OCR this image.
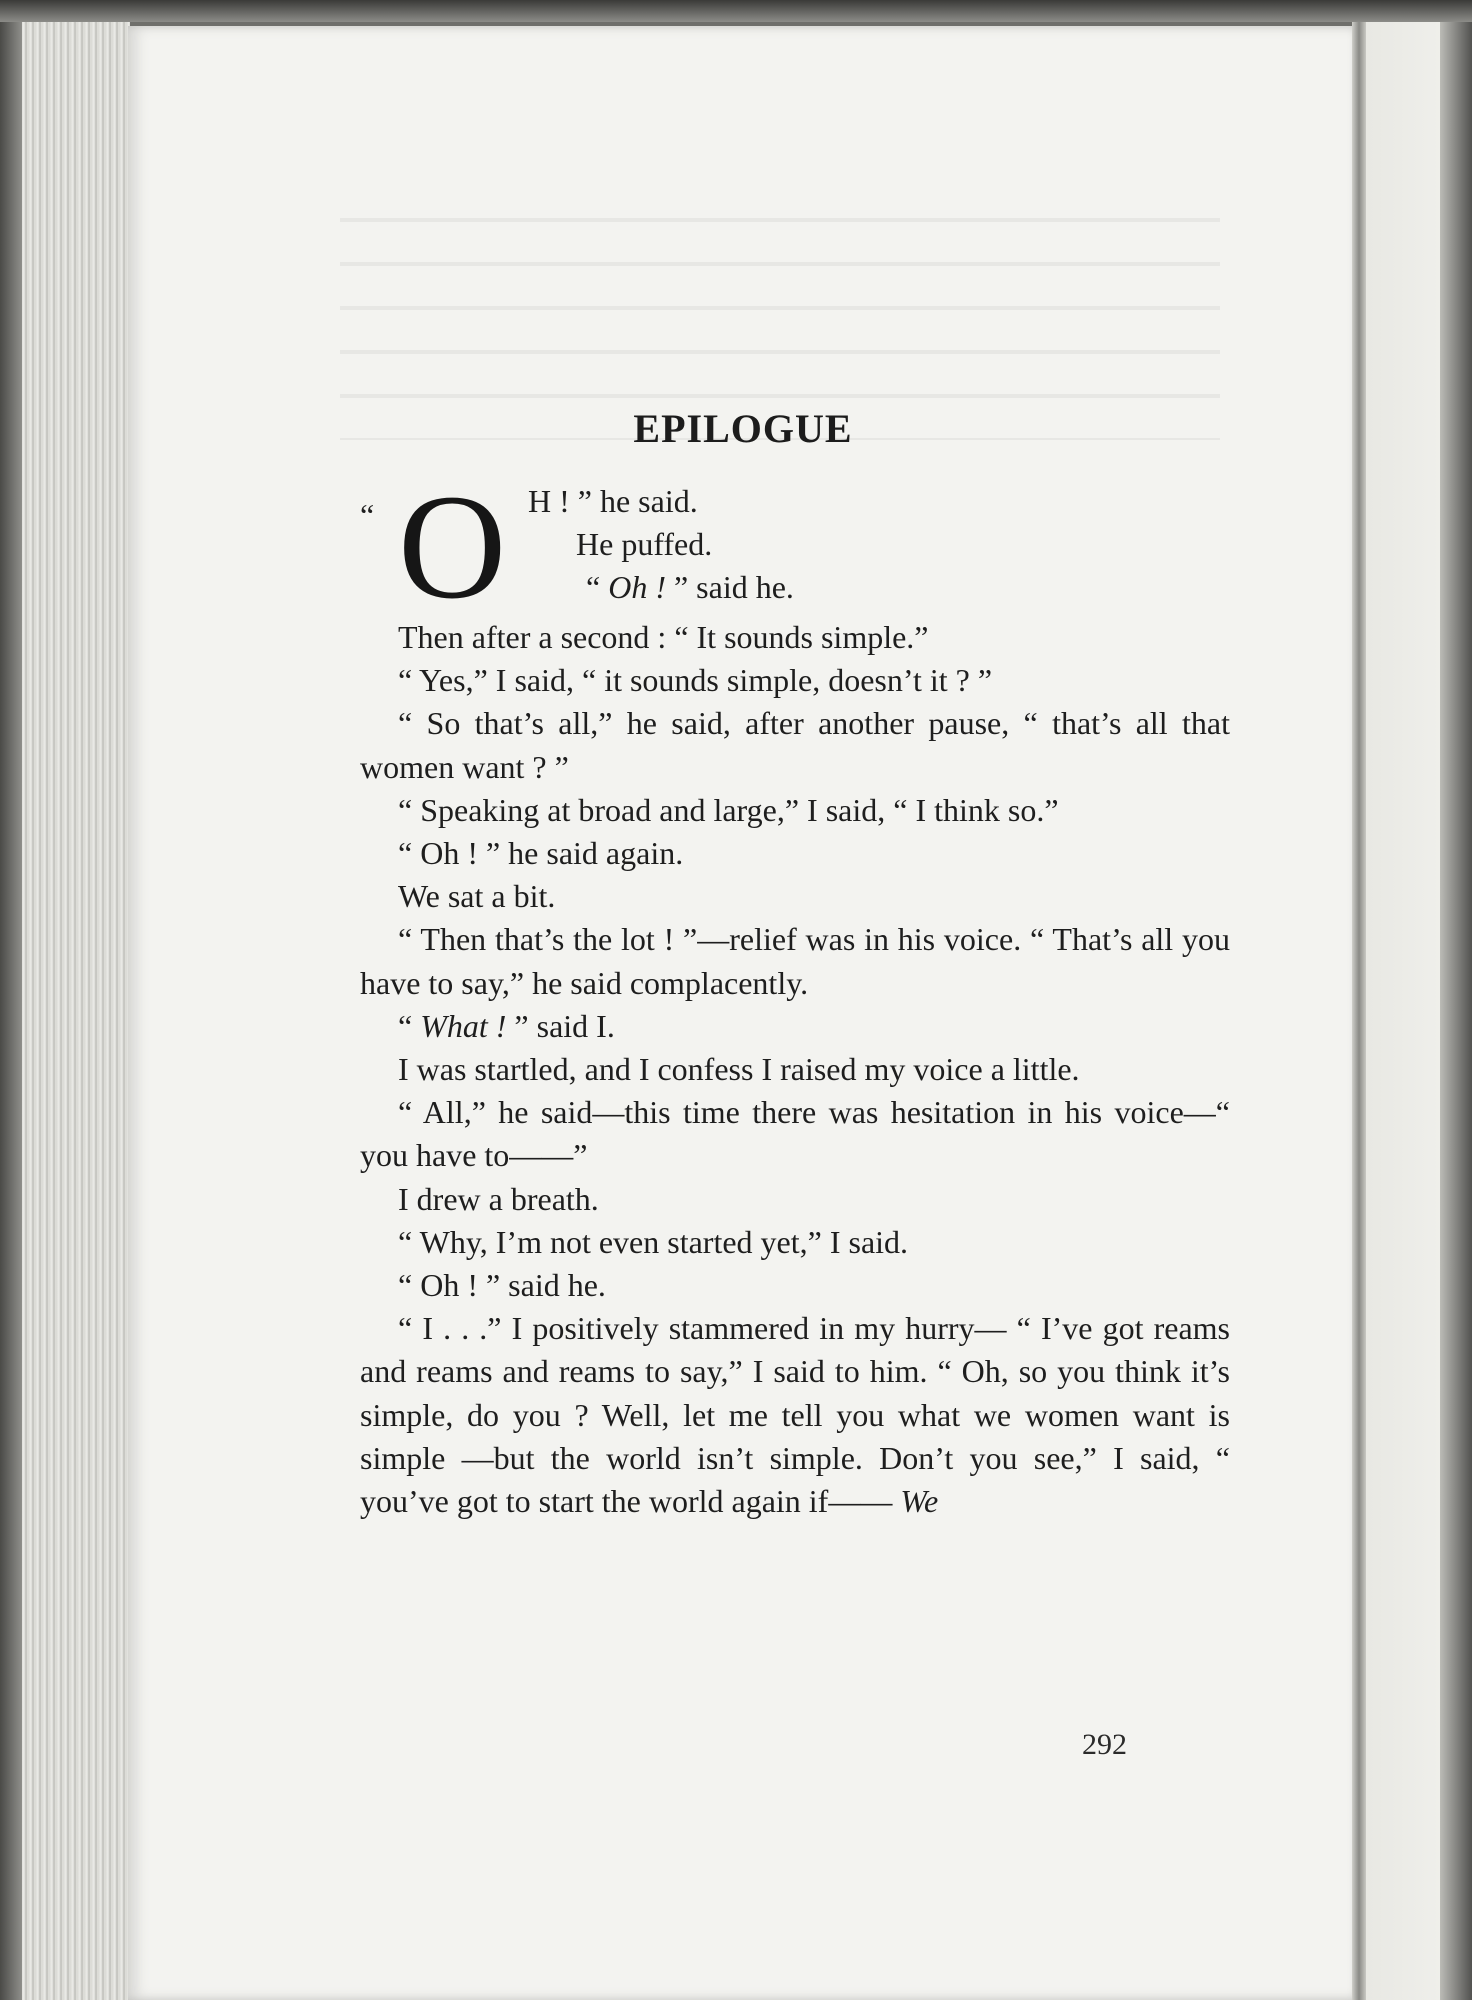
EPILOGUE
“ O H ! ” he said.
He puffed.
“ Oh ! ” said he.

Then after a second : “ It sounds simple.”

“ Yes,” I said, “ it sounds simple, doesn’t it ? ”

“ So that’s all,” he said, after another pause, “ that’s all that women want ? ”

“ Speaking at broad and large,” I said, “ I think so.”

“ Oh ! ” he said again.

We sat a bit.

“ Then that’s the lot ! ”—relief was in his voice. “ That’s all you have to say,” he said complacently.

“ What ! ” said I.

I was startled, and I confess I raised my voice a little.

“ All,” he said—this time there was hesitation in his voice—“ you have to——”

I drew a breath.

“ Why, I’m not even started yet,” I said.

“ Oh ! ” said he.

“ I . . .” I positively stammered in my hurry— “ I’ve got reams and reams and reams to say,” I said to him. “ Oh, so you think it’s simple, do you ? Well, let me tell you what we women want is simple —but the world isn’t simple. Don’t you see,” I said, “ you’ve got to start the world again if—— We

292
